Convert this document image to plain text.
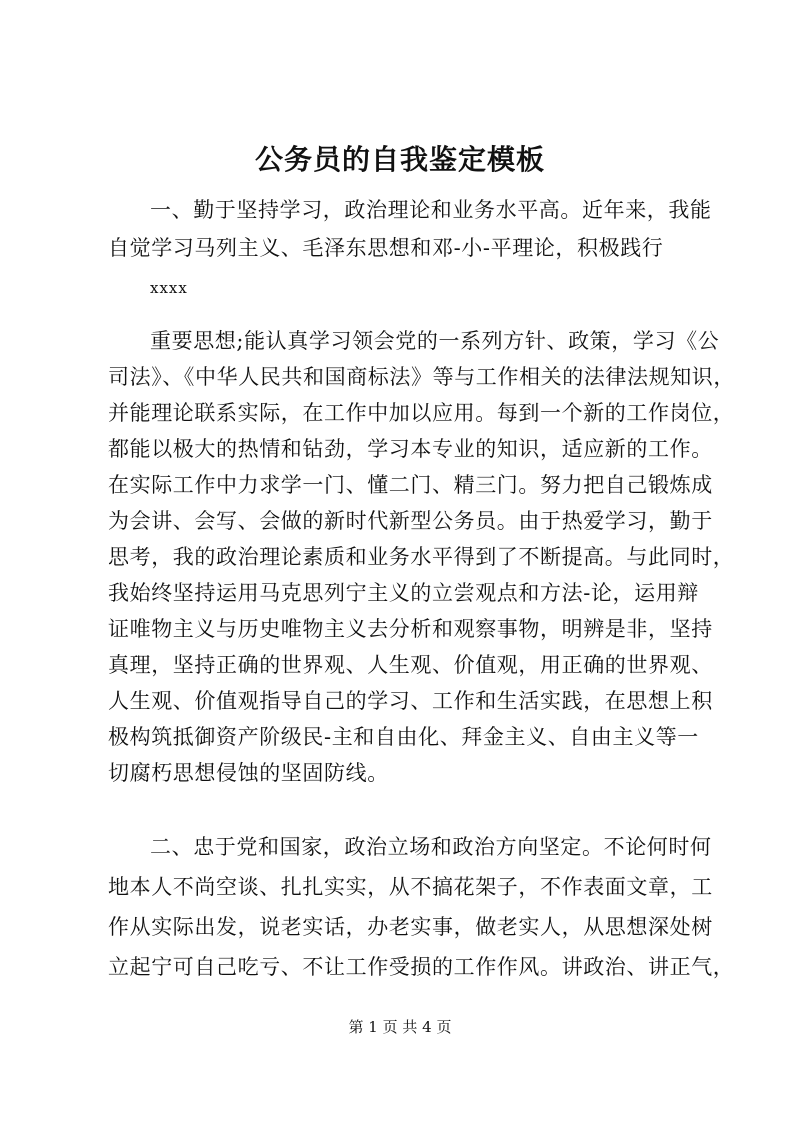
公务员的自我鉴定模板
一、勤于坚持学习，政治理论和业务水平高。近年来，我能
自觉学习马列主义、毛泽东思想和邓-小-平理论，积极践行
xxxx
重要思想;能认真学习领会党的一系列方针、政策，学习《公
司法》、《中华人民共和国商标法》等与工作相关的法律法规知识，
并能理论联系实际，在工作中加以应用。每到一个新的工作岗位，
都能以极大的热情和钻劲，学习本专业的知识，适应新的工作。
在实际工作中力求学一门、懂二门、精三门。努力把自己锻炼成
为会讲、会写、会做的新时代新型公务员。由于热爱学习，勤于
思考，我的政治理论素质和业务水平得到了不断提高。与此同时，
我始终坚持运用马克思列宁主义的立尝观点和方法-论，运用辩
证唯物主义与历史唯物主义去分析和观察事物，明辨是非，坚持
真理，坚持正确的世界观、人生观、价值观，用正确的世界观、
人生观、价值观指导自己的学习、工作和生活实践，在思想上积
极构筑抵御资产阶级民-主和自由化、拜金主义、自由主义等一
切腐朽思想侵蚀的坚固防线。
二、忠于党和国家，政治立场和政治方向坚定。不论何时何
地本人不尚空谈、扎扎实实，从不搞花架子，不作表面文章，工
作从实际出发，说老实话，办老实事，做老实人，从思想深处树
立起宁可自己吃亏、不让工作受损的工作作风。讲政治、讲正气，
第 1 页 共 4 页
